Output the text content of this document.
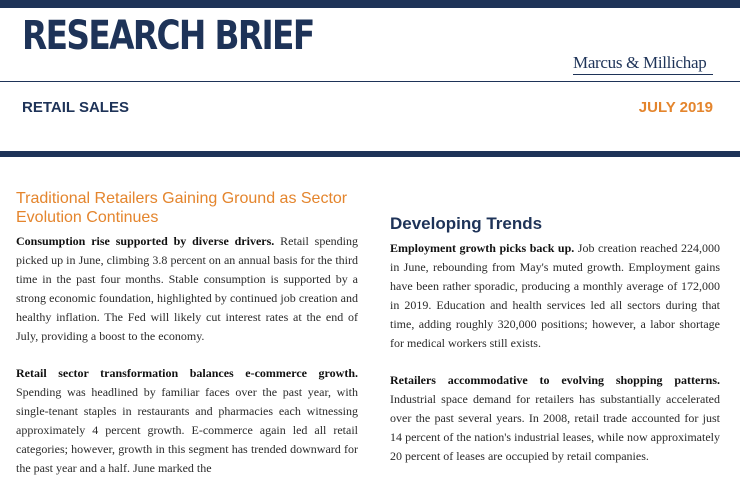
RESEARCH BRIEF
Marcus & Millichap
RETAIL SALES	JULY 2019
Traditional Retailers Gaining Ground as Sector Evolution Continues

Consumption rise supported by diverse drivers. Retail spending picked up in June, climbing 3.8 percent on an annual basis for the third time in the past four months. Stable consumption is supported by a strong economic foundation, highlighted by continued job creation and healthy inflation. The Fed will likely cut interest rates at the end of July, providing a boost to the economy.

Retail sector transformation balances e-commerce growth. Spending was headlined by familiar faces over the past year, with single-tenant staples in restaurants and pharmacies each witnessing approximately 4 percent growth. E-commerce again led all retail categories; however, growth in this segment has trended downward for the past year and a half. June marked the

Developing Trends

Employment growth picks back up. Job creation reached 224,000 in June, rebounding from May's muted growth. Employment gains have been rather sporadic, producing a monthly average of 172,000 in 2019. Education and health services led all sectors during that time, adding roughly 320,000 positions; however, a labor shortage for medical workers still exists.

Retailers accommodative to evolving shopping patterns. Industrial space demand for retailers has substantially accelerated over the past several years. In 2008, retail trade accounted for just 14 percent of the nation's industrial leases, while now approximately 20 percent of leases are occupied by retail companies.
